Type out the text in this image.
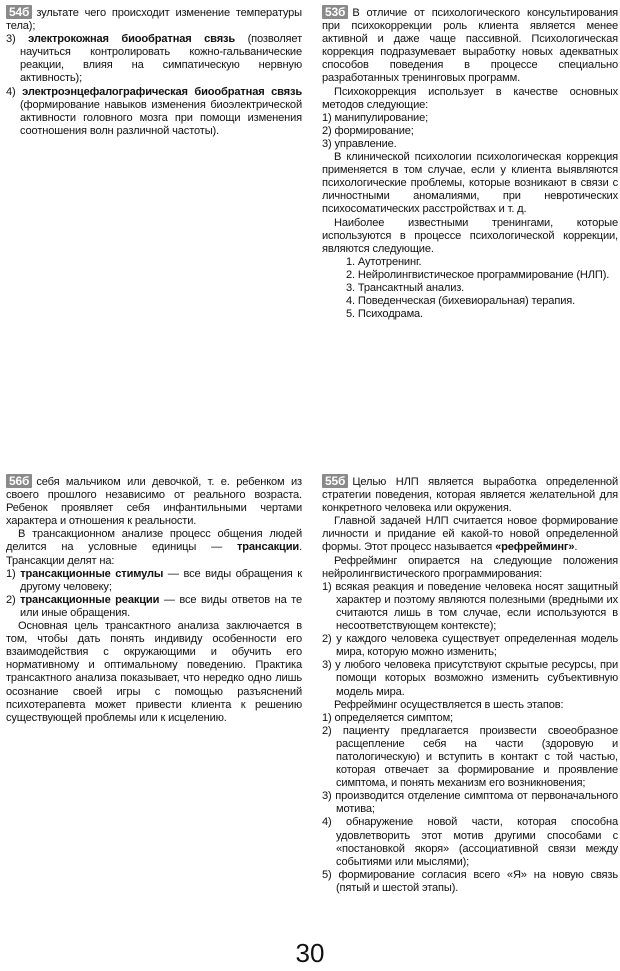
54б зультате чего происходит изменение температуры тела);

3) электрокожная биообратная связь (позволяет научиться контролировать кожно-гальванические реакции, влияя на симпатическую нервную активность);

4) электроэнцефалографическая биообратная связь (формирование навыков изменения биоэлектрической активности головного мозга при помощи изменения соотношения волн различной частоты).

53б В отличие от психологического консультирования при психокоррекции роль клиента является менее активной и даже чаще пассивной. Психологическая коррекция подразумевает выработку новых адекватных способов поведения в процессе специально разработанных тренинговых программ.

Психокоррекция использует в качестве основных методов следующие:

1) манипулирование;

2) формирование;

3) управление.

В клинической психологии психологическая коррекция применяется в том случае, если у клиента выявляются психологические проблемы, которые возникают в связи с личностными аномалиями, при невротических психосоматических расстройствах и т. д.

Наиболее известными тренингами, которые используются в процессе психологической коррекции, являются следующие.

1. Аутотренинг.

2. Нейролингвистическое программирование (НЛП).

3. Трансактный анализ.

4. Поведенческая (бихевиоральная) терапия.

5. Психодрама.

56б себя мальчиком или девочкой, т. е. ребенком из своего прошлого независимо от реального возраста. Ребенок проявляет себя инфантильными чертами характера и отношения к реальности.

В трансакционном анализе процесс общения людей делится на условные единицы — трансакции. Трансакции делят на:

1) трансакционные стимулы — все виды обращения к другому человеку;

2) трансакционные реакции — все виды ответов на те или иные обращения.

Основная цель трансактного анализа заключается в том, чтобы дать понять индивиду особенности его взаимодействия с окружающими и обучить его нормативному и оптимальному поведению. Практика трансактного анализа показывает, что нередко одно лишь осознание своей игры с помощью разъяснений психотерапевта может привести клиента к решению существующей проблемы или к исцелению.

55б Целью НЛП является выработка определенной стратегии поведения, которая является желательной для конкретного человека или окружения.

Главной задачей НЛП считается новое формирование личности и придание ей какой-то новой определенной формы. Этот процесс называется «рефрейминг».

Рефрейминг опирается на следующие положения нейролингвистического программирования:

1) всякая реакция и поведение человека носят защитный характер и поэтому являются полезными (вредными их считаются лишь в том случае, если используются в несоответствующем контексте);

2) у каждого человека существует определенная модель мира, которую можно изменить;

3) у любого человека присутствуют скрытые ресурсы, при помощи которых возможно изменить субъективную модель мира.

Рефрейминг осуществляется в шесть этапов:

1) определяется симптом;

2) пациенту предлагается произвести своеобразное расщепление себя на части (здоровую и патологическую) и вступить в контакт с той частью, которая отвечает за формирование и проявление симптома, и понять механизм его возникновения;

3) производится отделение симптома от первоначального мотива;

4) обнаружение новой части, которая способна удовлетворить этот мотив другими способами с «постановкой якоря» (ассоциативной связи между событиями или мыслями);

5) формирование согласия всего «Я» на новую связь (пятый и шестой этапы).

30
